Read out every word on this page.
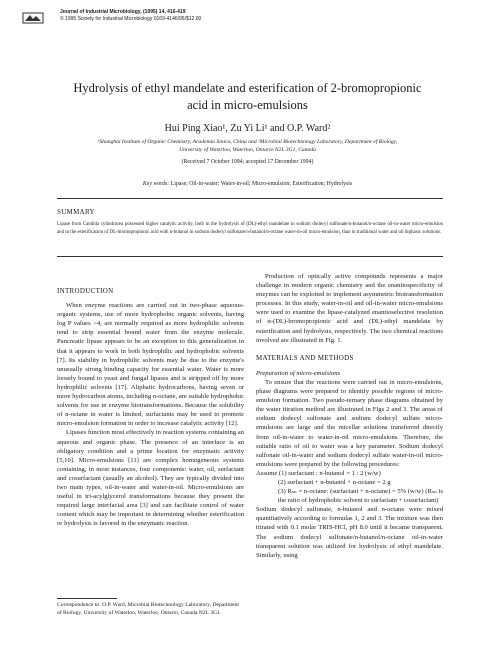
Journal of Industrial Microbiology, (1995) 14, 416-419
© 1995 Society for Industrial Microbiology 0169-4146/95/$12.00
Hydrolysis of ethyl mandelate and esterification of 2-bromopropionic
acid in micro-emulsions
Hui Ping Xiao¹, Zu Yi Li¹ and O.P. Ward²
¹Shanghai Institute of Organic Chemistry, Academia Sinica, China and ²Microbial Biotechnology Laboratory, Department of Biology,
University of Waterloo, Waterloo, Ontario N2L 3G1, Canada
(Received 7 October 1994; accepted 17 December 1994)
Key words: Lipase; Oil-in-water; Water-in-oil; Micro-emulsion; Esterification; Hydrolysis
SUMMARY
Lipase from Candida cylindracea possessed higher catalytic activity, both in the hydrolysis of (DL)-ethyl mandelate in sodium dodecyl sulfonate/n-butanol/n-octane oil-in-water micro-emulsion and in the esterification of DL-bromopropionic acid with n-butanol in sodium dodecyl sulfonate/n-butanol/n-octane water-in-oil micro-emulsion, than in traditional water and oil biphasic solutions.
INTRODUCTION

When enzyme reactions are carried out in two-phase aqueous-organic systems, use of more hydrophobic organic solvents, having log P values >4, are normally required as more hydrophilic solvents tend to strip essential bound water from the enzyme molecule. Pancreatic lipase appears to be an exception to this generalization in that it appears to work in both hydrophilic and hydrophobic solvents [7]. Its stability in hydrophilic solvents may be due to the enzyme's unusually strong binding capacity for essential water. Water is more loosely bound to yeast and fungal lipases and is stripped off by more hydrophilic solvents [17]. Aliphatic hydrocarbons, having seven or more hydrocarbon atoms, including n-octane, are suitable hydrophobic solvents for use in enzyme biotransformations. Because the solubility of n-octane in water is limited, surfactants may be used to promote micro-emulsion formation in order to increase catalytic activity [12].

Lipases function most effectively in reaction systems containing an aqueous and organic phase. The presence of an interface is an obligatory condition and a prime location for enzymatic activity [5,10]. Micro-emulsions [11] are complex homogeneous systems containing, in most instances, four components: water, oil, surfactant and cosurfactant (usually an alcohol). They are typically divided into two main types, oil-in-water and water-in-oil. Micro-emulsions are useful in tri-acylglycerol transformations because they present the required large interfacial area [3] and can facilitate control of water content which may be important in determining whether esterification or hydrolysis is favored in the enzymatic reaction.

Production of optically active compounds represents a major challenge in modern organic chemistry and the enantiospecificity of enzymes can be exploited to implement asymmetric biotransformation processes. In this study, water-in-oil and oil-in-water micro-emulsions were used to examine the lipase-catalyzed enantioselective resolution of α-(DL)-bromopropionic acid and (DL)-ethyl mandelate by esterification and hydrolysis, respectively. The two chemical reactions involved are illustrated in Fig. 1.

MATERIALS AND METHODS
Preparation of micro-emulsions

To ensure that the reactions were carried out in micro-emulsions, phase diagrams were prepared to identify possible regions of micro-emulsion formation. Two pseudo-ternary phase diagrams obtained by the water titration method are illustrated in Figs 2 and 3. The areas of sodium dodecyl sulfonate and sodium dodecyl sulfate micro-emulsions are large and the micellar solutions transferred directly from oil-in-water to water-in-oil micro-emulsions. Therefore, the suitable ratio of oil to water was a key parameter. Sodium dodecyl sulfonate oil-in-water and sodium dodecyl sulfate water-in-oil micro-emulsions were prepared by the following procedures:

Assume (1) surfactant : n-butanol = 1 : 2 (w/w)

(2) surfactant + n-butanol + n-octane = 2 g

(3) Rₛₙ = n-octane: (surfactant + n-octane) = 5% (w/w) (Rₛₙ is the ratio of hydrophobic solvent to surfactant + cosurfactant)

Sodium dodecyl sulfonate, n-butanol and n-octane were mixed quantitatively according to formulas 1, 2 and 3. The mixture was then titrated with 0.1 molar TRIS-HCl, pH 8.0 until it became transparent. The sodium dodecyl sulfonate/n-butanol/n-octane oil-in-water transparent solution was utilized for hydrolysis of ethyl mandelate. Similarly, using

Correspondence to: O.P. Ward, Microbial Biotechnology Laboratory, Department of Biology, University of Waterloo, Waterloo, Ontario, Canada N2L 3G1.
